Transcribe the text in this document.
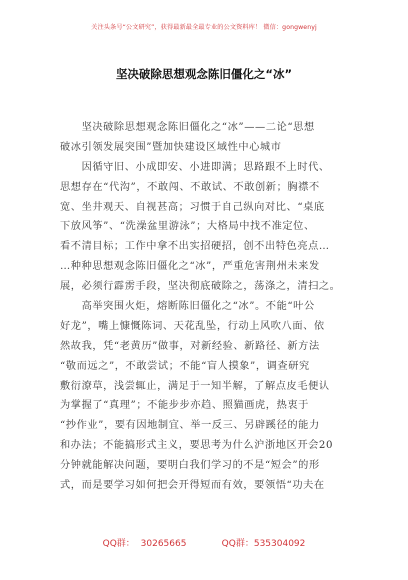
关注头条号“公文研究”，获得最新最全最专业的公文资料库！ 微信：gongwenyj
坚决破除思想观念陈旧僵化之“冰”
　　坚决破除思想观念陈旧僵化之“冰”——二论“思想
破冰引领发展突围”暨加快建设区域性中心城市
　　因循守旧、小成即安、小进即满；思路跟不上时代、
思想存在“代沟”，不敢闯、不敢试、不敢创新；胸襟不
宽、坐井观天、自视甚高；习惯于自己纵向对比、“桌底
下放风筝”、“洗澡盆里游泳”；大格局中找不准定位、
看不清目标；工作中拿不出实招硬招，创不出特色亮点…
…种种思想观念陈旧僵化之“冰”，严重危害荆州未来发
展，必须行霹雳手段，坚决彻底破除之，荡涤之，清扫之。
　　高举突围火炬，熔断陈旧僵化之“冰”。不能“叶公
好龙”，嘴上慷慨陈词、天花乱坠，行动上风吹八面、依
然故我，凭“老黄历”做事，对新经验、新路径、新方法
“敬而远之”，不敢尝试；不能“盲人摸象”，调查研究
敷衍潦草，浅尝辄止，满足于一知半解，了解点皮毛便认
为掌握了“真理”；不能步步亦趋、照猫画虎，热衷于
“抄作业”，要有因地制宜、举一反三、另辟蹊径的能力
和办法；不能搞形式主义，要思考为什么沪浙地区开会20
分钟就能解决问题，要明白我们学习的不是“短会”的形
式，而是要学习如何把会开得短而有效，要领悟“功夫在
QQ群： 30265665	QQ群：535304092
